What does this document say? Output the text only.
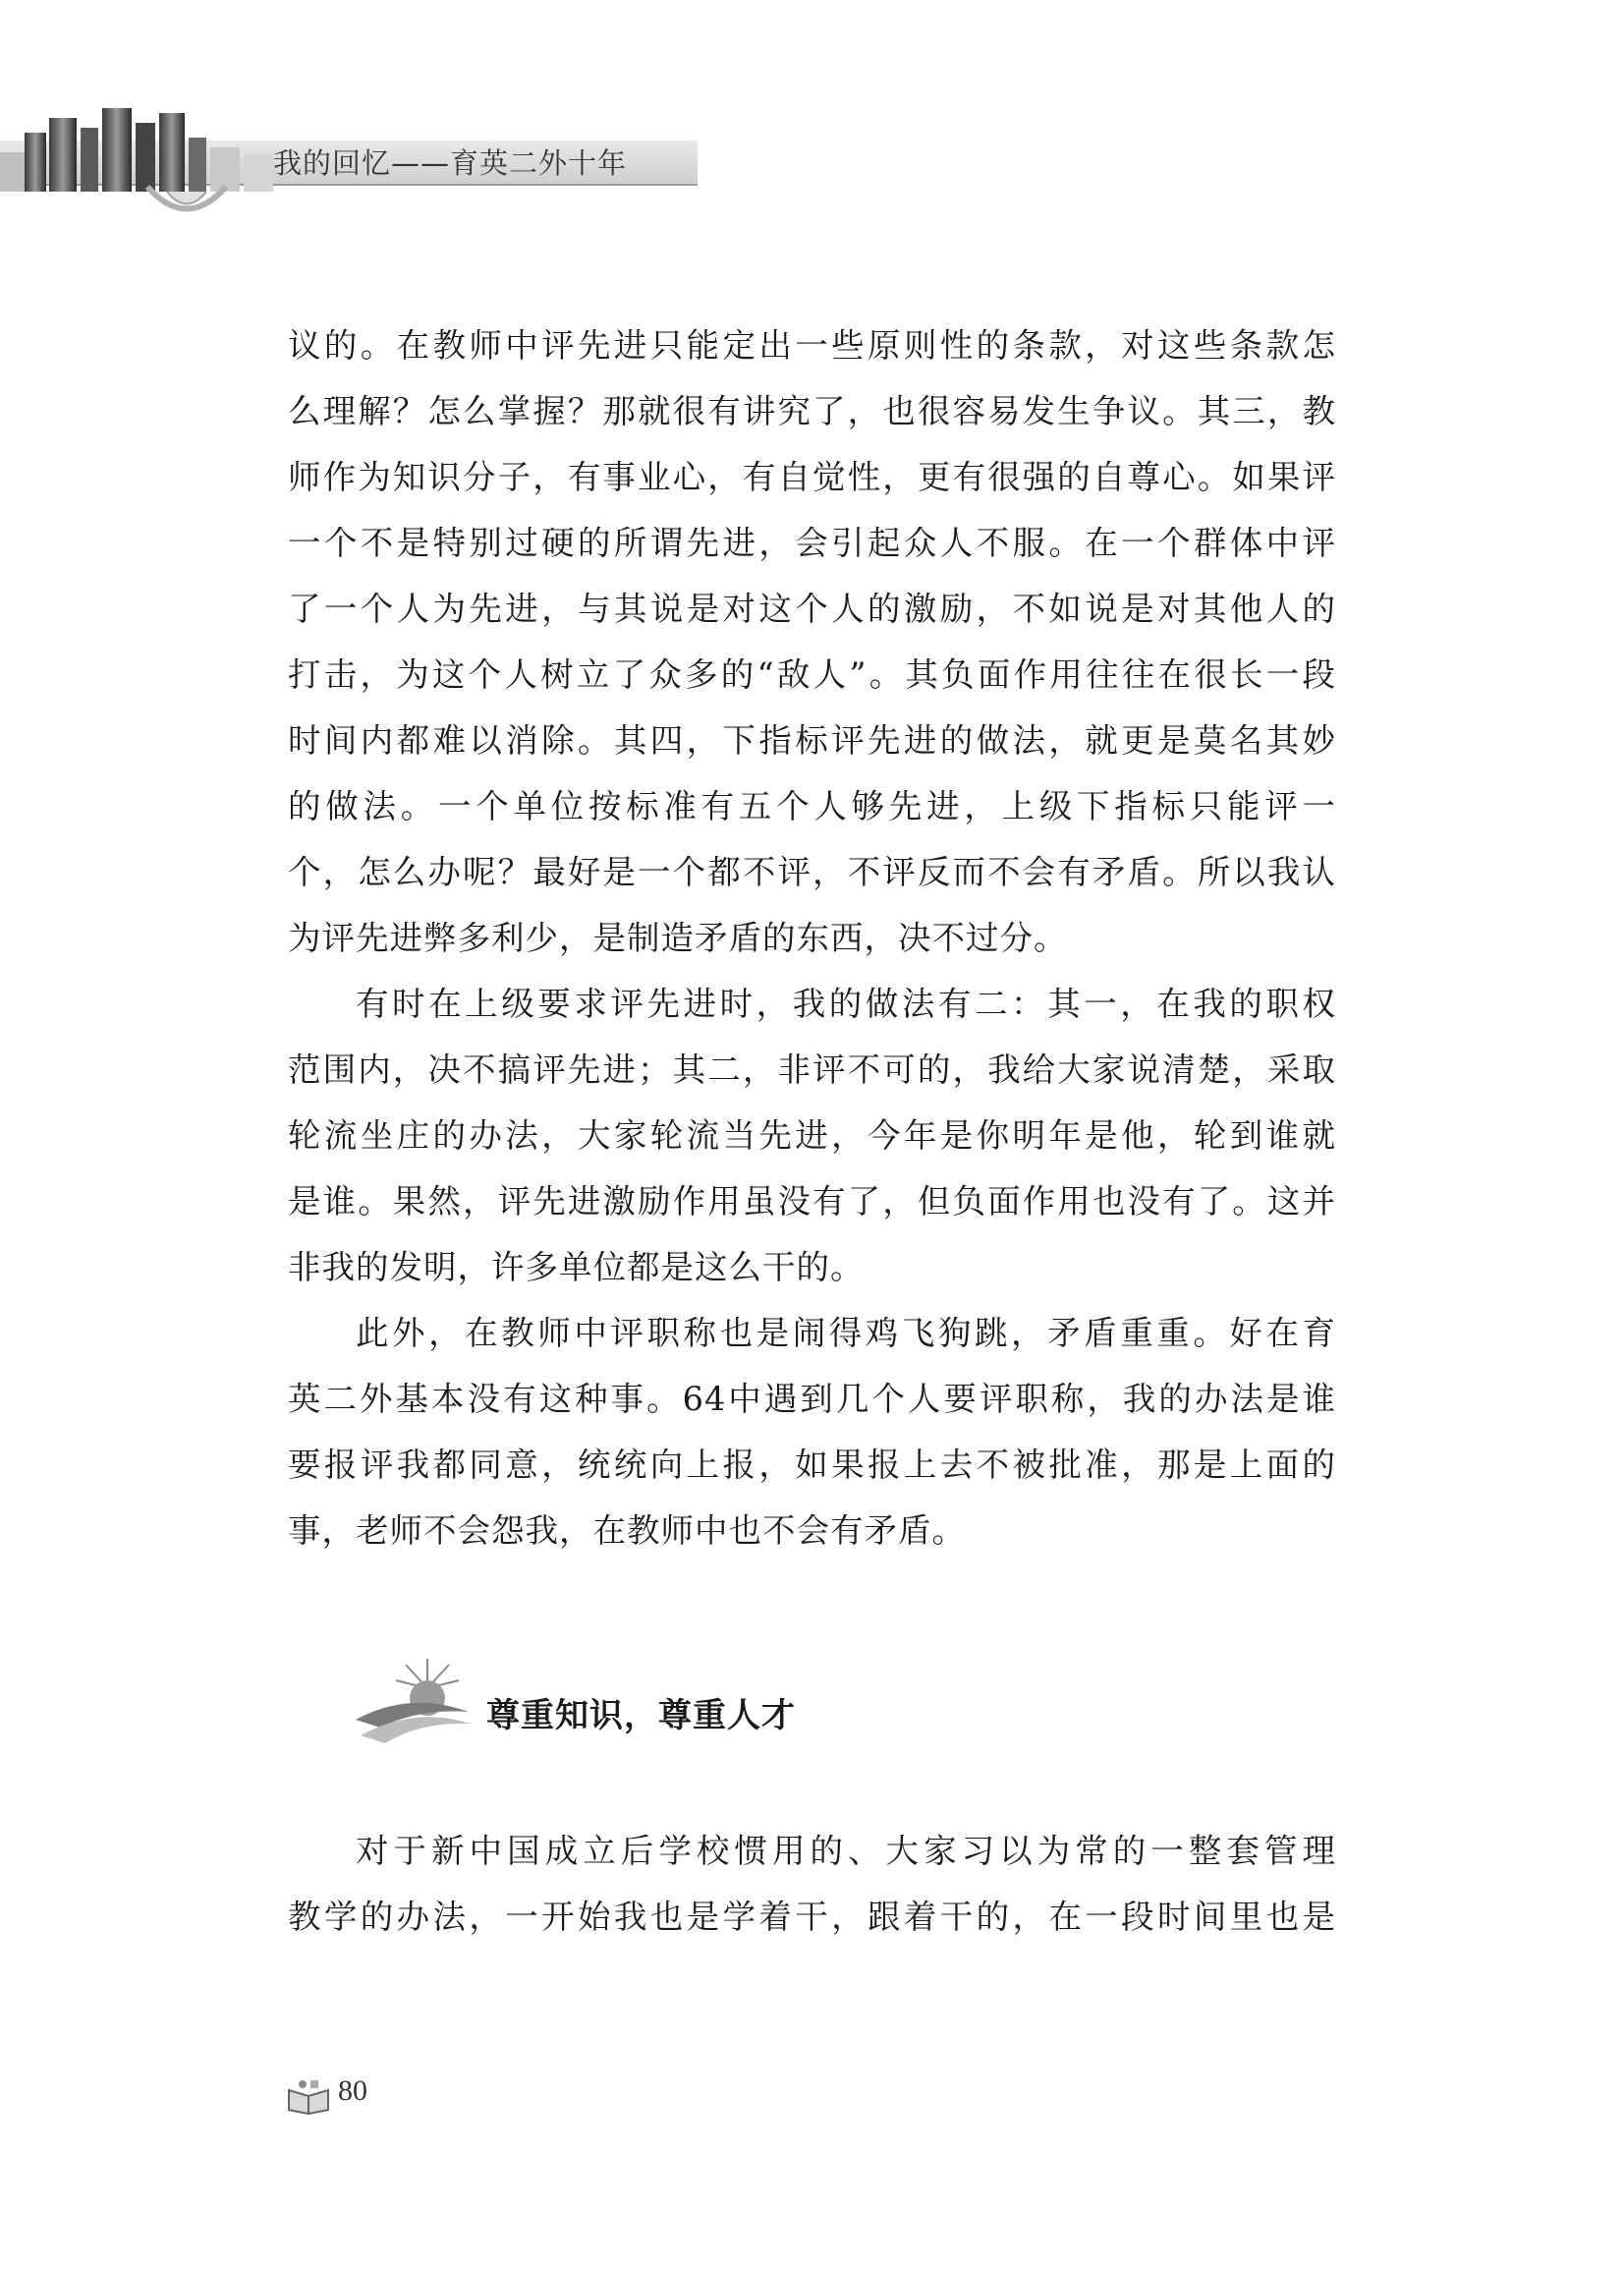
我的回忆——育英二外十年

议的。在教师中评先进只能定出一些原则性的条款，对这些条款怎
么理解？怎么掌握？那就很有讲究了，也很容易发生争议。其三，教
师作为知识分子，有事业心，有自觉性，更有很强的自尊心。如果评
一个不是特别过硬的所谓先进，会引起众人不服。在一个群体中评
了一个人为先进，与其说是对这个人的激励，不如说是对其他人的
打击，为这个人树立了众多的“敌人”。其负面作用往往在很长一段
时间内都难以消除。其四，下指标评先进的做法，就更是莫名其妙
的做法。一个单位按标准有五个人够先进，上级下指标只能评一
个，怎么办呢？最好是一个都不评，不评反而不会有矛盾。所以我认
为评先进弊多利少，是制造矛盾的东西，决不过分。

有时在上级要求评先进时，我的做法有二：其一，在我的职权
范围内，决不搞评先进；其二，非评不可的，我给大家说清楚，采取
轮流坐庄的办法，大家轮流当先进，今年是你明年是他，轮到谁就
是谁。果然，评先进激励作用虽没有了，但负面作用也没有了。这并
非我的发明，许多单位都是这么干的。

此外，在教师中评职称也是闹得鸡飞狗跳，矛盾重重。好在育
英二外基本没有这种事。64中遇到几个人要评职称，我的办法是谁
要报评我都同意，统统向上报，如果报上去不被批准，那是上面的
事，老师不会怨我，在教师中也不会有矛盾。

尊重知识，尊重人才

对于新中国成立后学校惯用的、大家习以为常的一整套管理
教学的办法，一开始我也是学着干，跟着干的，在一段时间里也是

80
